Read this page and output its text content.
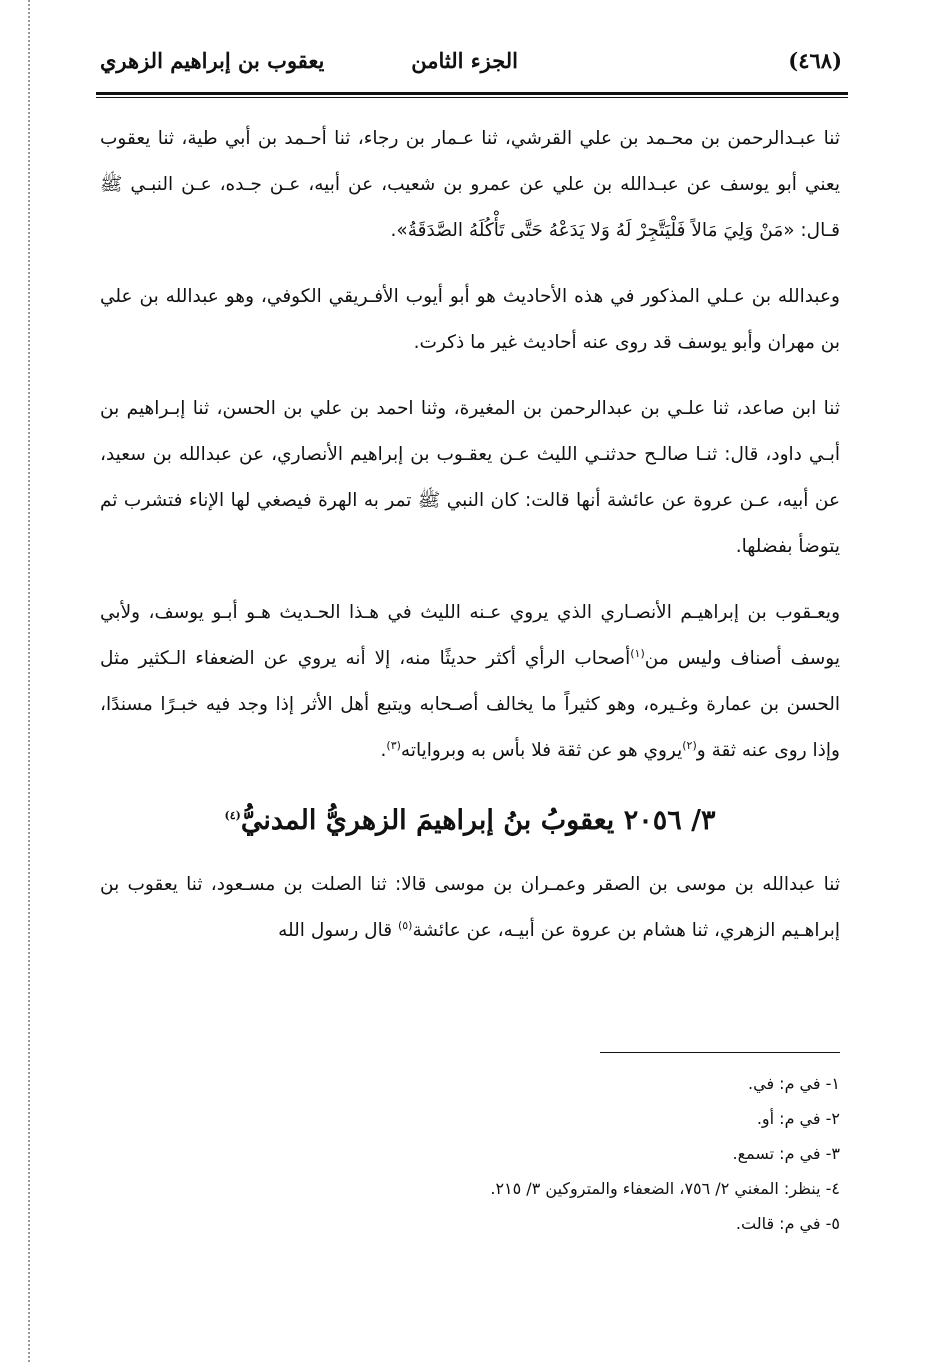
(٤٦٨)
الجزء الثامن
يعقوب بن إبراهيم الزهري

ثنا عبـدالرحمن بن محـمد بن علي القرشي، ثنا عـمار بن رجاء، ثنا أحـمد بن أبي طية، ثنا يعقوب يعني أبو يوسف عن عبـدالله بن علي عن عمرو بن شعيب، عن أبيه، عـن جـده، عـن النبـي ﷺ قـال: «مَنْ وَلِيَ مَالاً فَلْيَتَّجِرْ لَهُ وَلا يَدَعْهُ حَتَّى تَأْكُلَهُ الصَّدَقَةُ».

وعبدالله بن عـلي المذكور في هذه الأحاديث هو أبو أيوب الأفـريقي الكوفي، وهو عبدالله بن علي بن مهران وأبو يوسف قد روى عنه أحاديث غير ما ذكرت.

ثنا ابن صاعد، ثنا علـي بن عبدالرحمن بن المغيرة، وثنا احمد بن علي بن الحسن، ثنا إبـراهيم بن أبـي داود، قال: ثنـا صالـح حدثنـي الليث عـن يعقـوب بن إبراهيم الأنصاري، عن عبدالله بن سعيد، عن أبيه، عـن عروة عن عائشة أنها قالت: كان النبي ﷺ تمر به الهرة فيصغي لها الإناء فتشرب ثم يتوضأ بفضلها.

ويعـقوب بن إبراهيـم الأنصـاري الذي يروي عـنه الليث في هـذا الحـديث هـو أبـو يوسف، ولأبي يوسف أصناف وليس من$^{(١)}$أصحاب الرأي أكثر حديثًا منه، إلا أنه يروي عن الضعفاء الـكثير مثل الحسن بن عمارة وغـيره، وهو كثيراً ما يخالف أصـحابه ويتبع أهل الأثر إذا وجد فيه خبـرًا مسندًا، وإذا روى عنه ثقة و$^{(٢)}$يروي هو عن ثقة فلا بأس به وبرواياته$^{(٣)}$.

٣/ ٢٠٥٦ يعقوبُ بنُ إبراهيمَ الزهريُّ المدنيُّ$^{(٤)}$

ثنا عبدالله بن موسى بن الصقر وعمـران بن موسى قالا: ثنا الصلت بن مسـعود، ثنا يعقوب بن إبراهـيم الزهري، ثنا هشام بن عروة عن أبيـه، عن عائشة$^{(٥)}$ قال رسول الله

١- في م: في.
٢- في م: أو.
٣- في م: تسمع.
٤- ينظر: المغني ٢/ ٧٥٦، الضعفاء والمتروكين ٣/ ٢١٥.
٥- في م: قالت.
